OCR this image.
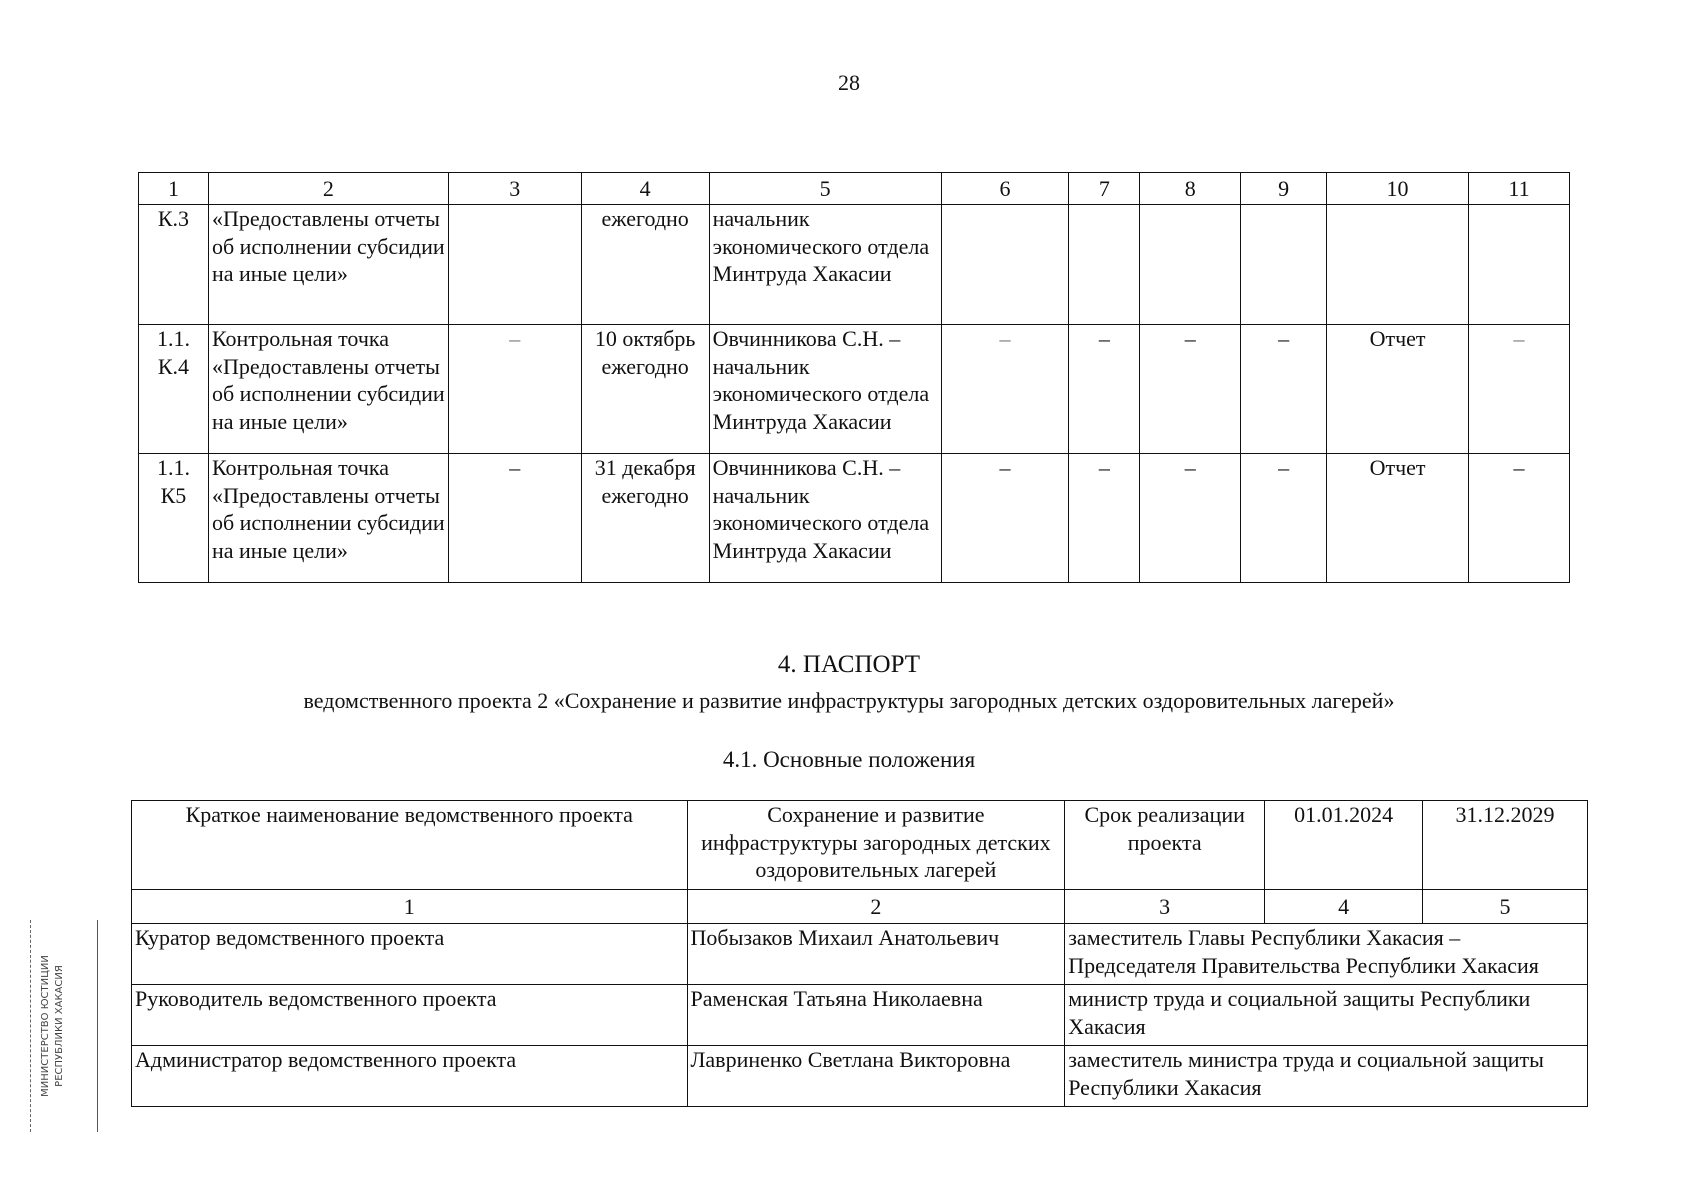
28
1	2	3	4	5	6	7	8	9	10	11
К.3	«Предоставлены отчеты об исполнении субсидии на иные цели»		ежегодно	начальник экономического отдела Минтруда Хакасии						
1.1. К.4	Контрольная точка «Предоставлены отчеты об исполнении субсидии на иные цели»	–	10 октябрь ежегодно	Овчинникова С.Н. – начальник экономического отдела Минтруда Хакасии	–	–	–	–	Отчет	–
1.1. К5	Контрольная точка «Предоставлены отчеты об исполнении субсидии на иные цели»	–	31 декабря ежегодно	Овчинникова С.Н. – начальник экономического отдела Минтруда Хакасии	–	–	–	–	Отчет	–
4. ПАСПОРТ
ведомственного проекта 2 «Сохранение и развитие инфраструктуры загородных детских оздоровительных лагерей»
4.1. Основные положения
Краткое наименование ведомственного проекта	Сохранение и развитие инфраструктуры загородных детских оздоровительных лагерей	Срок реализации проекта	01.01.2024	31.12.2029
1	2	3	4	5
Куратор ведомственного проекта	Побызаков Михаил Анатольевич	заместитель Главы Республики Хакасия – Председателя Правительства Республики Хакасия		
Руководитель ведомственного проекта	Раменская Татьяна Николаевна	министр труда и социальной защиты Республики Хакасия		
Администратор ведомственного проекта	Лавриненко Светлана Викторовна	заместитель министра труда и социальной защиты Республики Хакасия		
МИНИСТЕРСТВО ЮСТИЦИИ РЕСПУБЛИКИ ХАКАСИЯ
